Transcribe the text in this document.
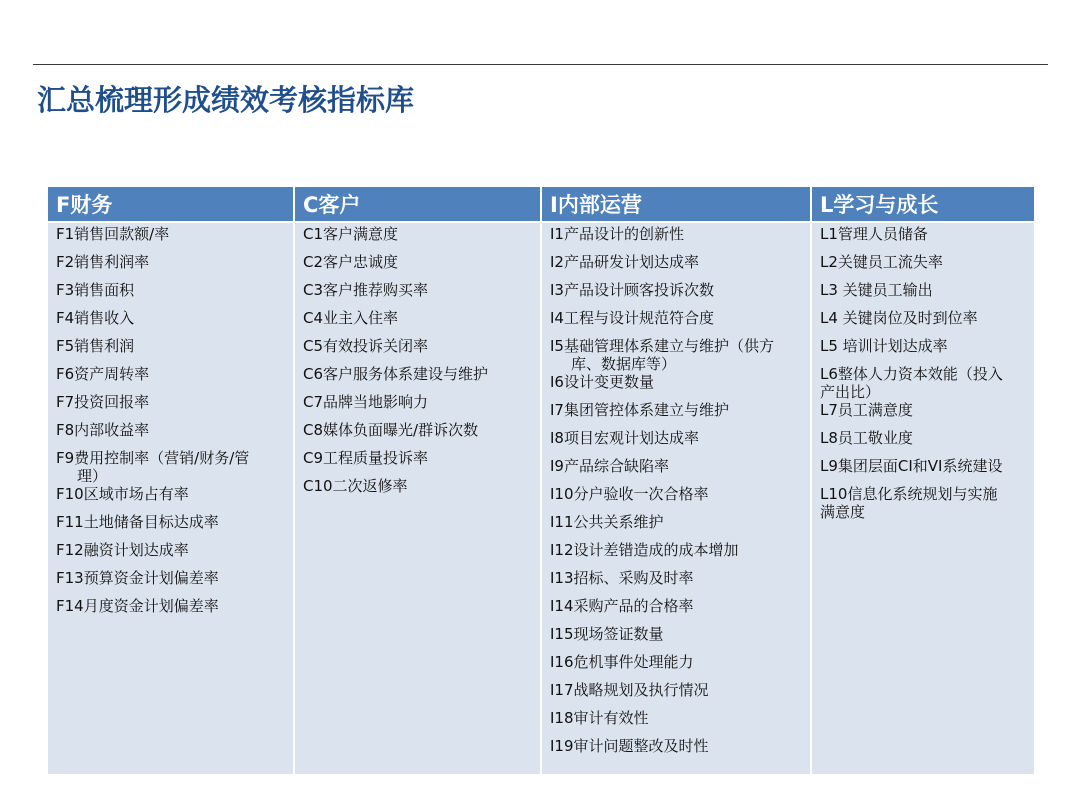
汇总梳理形成绩效考核指标库
F财务
F1销售回款额/率
F2销售利润率
F3销售面积
F4销售收入
F5销售利润
F6资产周转率
F7投资回报率
F8内部收益率
F9费用控制率（营销/财务/管
理）
F10区域市场占有率
F11土地储备目标达成率
F12融资计划达成率
F13预算资金计划偏差率
F14月度资金计划偏差率
C客户
C1客户满意度
C2客户忠诚度
C3客户推荐购买率
C4业主入住率
C5有效投诉关闭率
C6客户服务体系建设与维护
C7品牌当地影响力
C8媒体负面曝光/群诉次数
C9工程质量投诉率
C10二次返修率
I内部运营
I1产品设计的创新性
I2产品研发计划达成率
I3产品设计顾客投诉次数
I4工程与设计规范符合度
I5基础管理体系建立与维护（供方
库、数据库等）
I6设计变更数量
I7集团管控体系建立与维护
I8项目宏观计划达成率
I9产品综合缺陷率
I10分户验收一次合格率
I11公共关系维护
I12设计差错造成的成本增加
I13招标、采购及时率
I14采购产品的合格率
I15现场签证数量
I16危机事件处理能力
I17战略规划及执行情况
I18审计有效性
I19审计问题整改及时性
L学习与成长
L1管理人员储备
L2关键员工流失率
L3 关键员工输出
L4 关键岗位及时到位率
L5 培训计划达成率
L6整体人力资本效能（投入
产出比）
L7员工满意度
L8员工敬业度
L9集团层面CI和VI系统建设
L10信息化系统规划与实施
满意度
